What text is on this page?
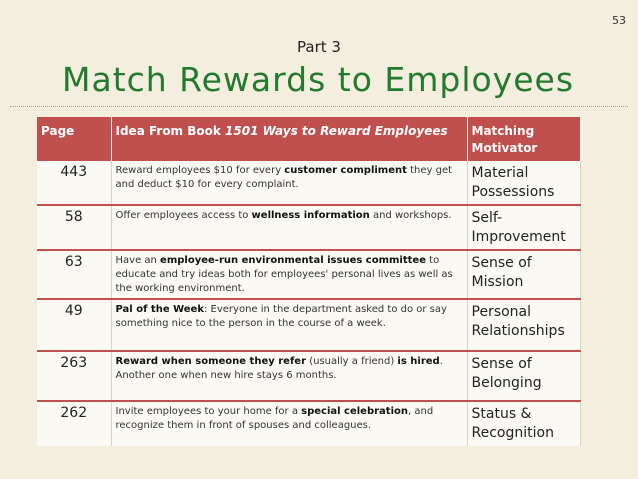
53
Part 3
Match Rewards to Employees
Page	Idea From Book 1501 Ways to Reward Employees	Matching Motivator
443	Reward employees $10 for every customer compliment they get and deduct $10 for every complaint.	Material Possessions
58	Offer employees access to wellness information and workshops.	Self-Improvement
63	Have an employee-run environmental issues committee to educate and try ideas both for employees' personal lives as well as the working environment.	Sense of Mission
49	Pal of the Week: Everyone in the department asked to do or say something nice to the person in the course of a week.	Personal Relationships
263	Reward when someone they refer (usually a friend) is hired. Another one when new hire stays 6 months.	Sense of Belonging
262	Invite employees to your home for a special celebration, and recognize them in front of spouses and colleagues.	Status & Recognition
